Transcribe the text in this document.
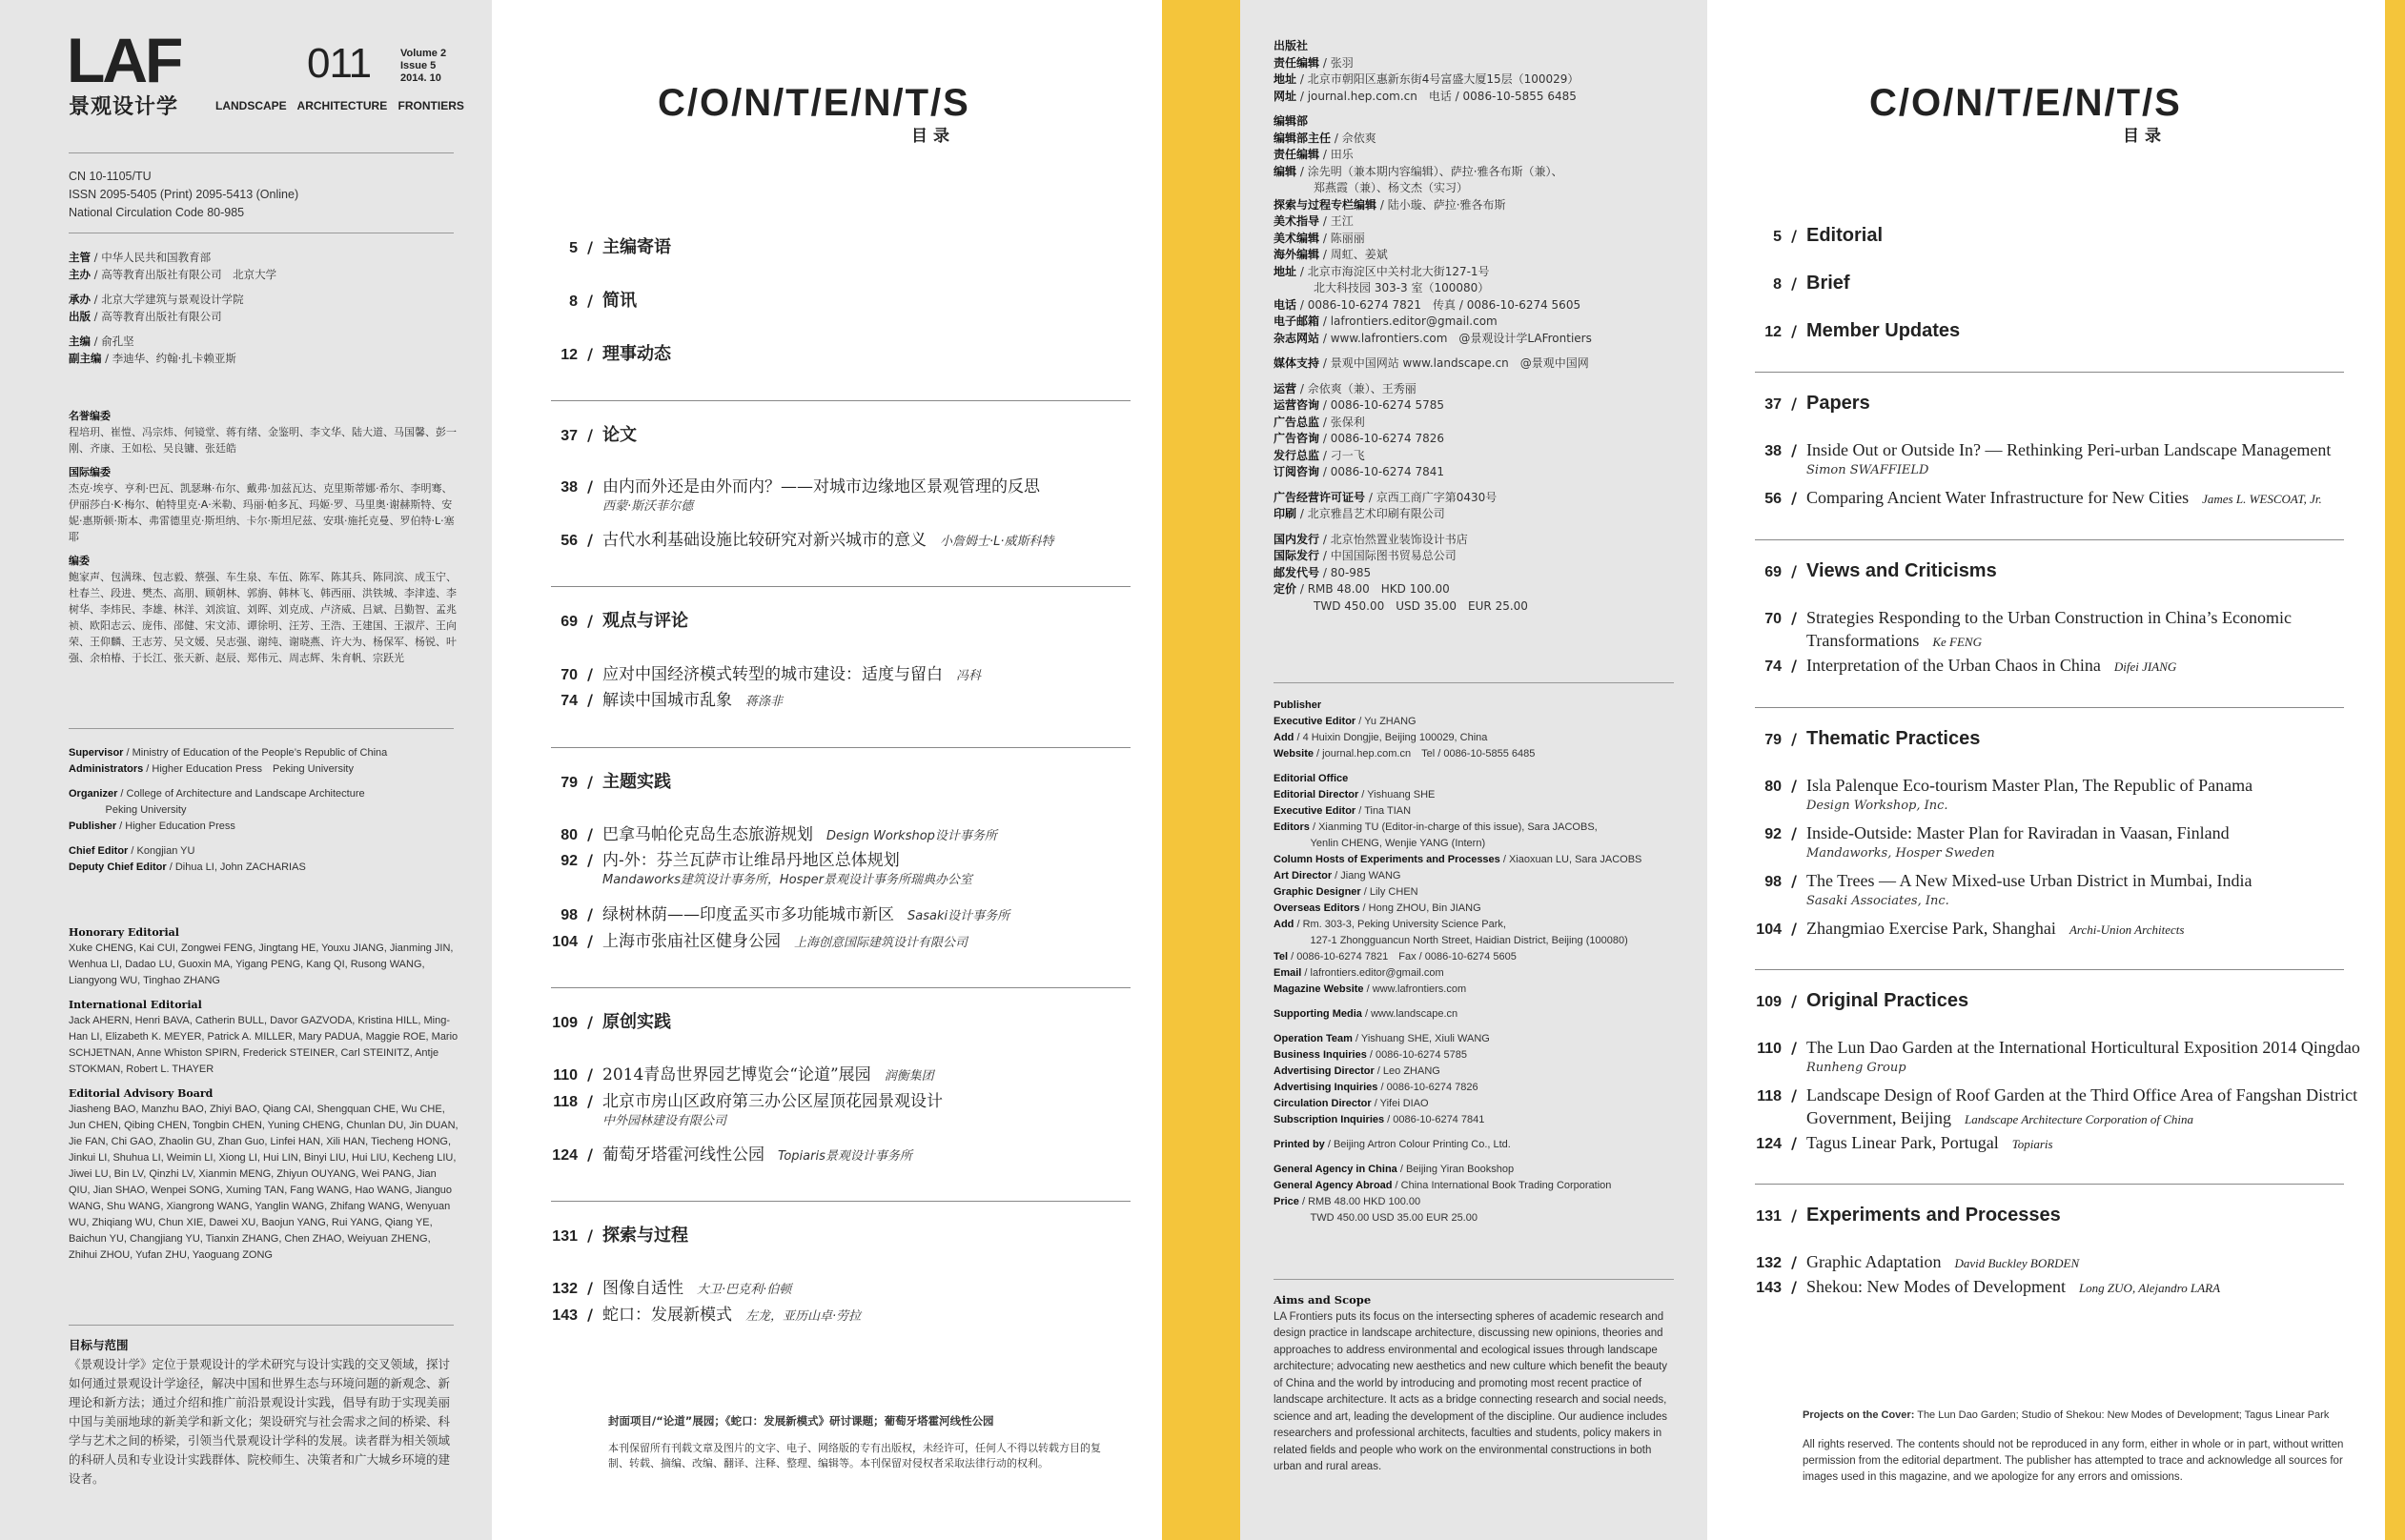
LAF
景观设计学
011	Volume 2
Issue 5
2014. 10
LANDSCAPE ARCHITECTURE FRONTIERS
CN 10-1105/TU
ISSN 2095-5405 (Print) 2095-5413 (Online)
National Circulation Code 80-985
主管 / 中华人民共和国教育部
主办 / 高等教育出版社有限公司　北京大学
承办 / 北京大学建筑与景观设计学院
出版 / 高等教育出版社有限公司
主编 / 俞孔坚
副主编 / 李迪华、约翰·扎卡赖亚斯
名誉编委
程培玥、崔愷、冯宗炜、何镜堂、蒋有绪、金鉴明、李文华、陆大道、马国馨、彭一刚、齐康、王如松、吴良镛、张廷皓
国际编委
杰克·埃亨、亨利·巴瓦、凯瑟琳·布尔、戴弗·加兹瓦达、克里斯蒂娜·希尔、李明骞、伊丽莎白·K·梅尔、帕特里克·A·米勒、玛丽·帕多瓦、玛姬·罗、马里奥·谢赫斯特、安妮·惠斯顿·斯本、弗雷德里克·斯坦纳、卡尔·斯坦尼兹、安琪·施托克曼、罗伯特·L·塞耶
编委
鲍家声、包满珠、包志毅、蔡强、车生泉、车伍、陈军、陈其兵、陈同滨、成玉宁、杜春兰、段进、樊杰、高朋、顾朝林、郭旃、韩林飞、韩西丽、洪铁城、李津逵、李树华、李炜民、李雄、林洋、刘滨谊、刘晖、刘克成、卢济威、吕斌、吕勤智、孟兆祯、欧阳志云、庞伟、邵健、宋文沛、谭徐明、汪芳、王浩、王建国、王淑芹、王向荣、王仰麟、王志芳、吴文媛、吴志强、谢纯、谢晓燕、许大为、杨保军、杨锐、叶强、余柏椿、于长江、张天新、赵辰、郑伟元、周志辉、朱育帆、宗跃光
Supervisor / Ministry of Education of the People’s Republic of China
Administrators / Higher Education Press　Peking University
Organizer / College of Architecture and Landscape Architecture
Peking University
Publisher / Higher Education Press
Chief Editor / Kongjian YU
Deputy Chief Editor / Dihua LI, John ZACHARIAS
Honorary Editorial
Xuke CHENG, Kai CUI, Zongwei FENG, Jingtang HE, Youxu JIANG, Jianming JIN, Wenhua LI, Dadao LU, Guoxin MA, Yigang PENG, Kang QI, Rusong WANG, Liangyong WU, Tinghao ZHANG
International Editorial
Jack AHERN, Henri BAVA, Catherin BULL, Davor GAZVODA, Kristina HILL, Ming-Han LI, Elizabeth K. MEYER, Patrick A. MILLER, Mary PADUA, Maggie ROE, Mario SCHJETNAN, Anne Whiston SPIRN, Frederick STEINER, Carl STEINITZ, Antje STOKMAN, Robert L. THAYER
Editorial Advisory Board
Jiasheng BAO, Manzhu BAO, Zhiyi BAO, Qiang CAI, Shengquan CHE, Wu CHE, Jun CHEN, Qibing CHEN, Tongbin CHEN, Yuning CHENG, Chunlan DU, Jin DUAN, Jie FAN, Chi GAO, Zhaolin GU, Zhan Guo, Linfei HAN, Xili HAN, Tiecheng HONG, Jinkui LI, Shuhua LI, Weimin LI, Xiong LI, Hui LIN, Binyi LIU, Hui LIU, Kecheng LIU, Jiwei LU, Bin LV, Qinzhi LV, Xianmin MENG, Zhiyun OUYANG, Wei PANG, Jian QIU, Jian SHAO, Wenpei SONG, Xuming TAN, Fang WANG, Hao WANG, Jianguo WANG, Shu WANG, Xiangrong WANG, Yanglin WANG, Zhifang WANG, Wenyuan WU, Zhiqiang WU, Chun XIE, Dawei XU, Baojun YANG, Rui YANG, Qiang YE, Baichun YU, Changjiang YU, Tianxin ZHANG, Chen ZHAO, Weiyuan ZHENG, Zhihui ZHOU, Yufan ZHU, Yaoguang ZONG
目标与范围
《景观设计学》定位于景观设计的学术研究与设计实践的交叉领域，探讨如何通过景观设计学途径，解决中国和世界生态与环境问题的新观念、新理论和新方法；通过介绍和推广前沿景观设计实践，倡导有助于实现美丽中国与美丽地球的新美学和新文化；架设研究与社会需求之间的桥梁、科学与艺术之间的桥梁，引领当代景观设计学科的发展。读者群为相关领域的科研人员和专业设计实践群体、院校师生、决策者和广大城乡环境的建设者。
C/O/N/T/E/N/T/S
目录
5 / 主编寄语
8 / 简讯
12 / 理事动态
37 / 论文
38 / 由内而外还是由外而内？——对城市边缘地区景观管理的反思
西蒙·斯沃菲尔德
56 / 古代水利基础设施比较研究对新兴城市的意义 小詹姆士·L·威斯科特
69 / 观点与评论
70 / 应对中国经济模式转型的城市建设：适度与留白 冯科
74 / 解读中国城市乱象 蒋涤非
79 / 主题实践
80 / 巴拿马帕伦克岛生态旅游规划 Design Workshop设计事务所
92 / 内-外：芬兰瓦萨市让维昂丹地区总体规划
Mandaworks建筑设计事务所，Hosper景观设计事务所瑞典办公室
98 / 绿树林荫——印度孟买市多功能城市新区 Sasaki设计事务所
104 / 上海市张庙社区健身公园 上海创意国际建筑设计有限公司
109 / 原创实践
110 / 2014青岛世界园艺博览会“论道”展园 润衡集团
118 / 北京市房山区政府第三办公区屋顶花园景观设计
中外园林建设有限公司
124 / 葡萄牙塔霍河线性公园 Topiaris景观设计事务所
131 / 探索与过程
132 / 图像自适性 大卫·巴克利·伯顿
143 / 蛇口：发展新模式 左龙，亚历山卓·劳拉
封面项目/“论道”展园；《蛇口：发展新模式》研讨课题；葡萄牙塔霍河线性公园
本刊保留所有刊载文章及图片的文字、电子、网络版的专有出版权，未经许可，任何人不得以转载方目的复制、转载、摘编、改编、翻译、注释、整理、编辑等。本刊保留对侵权者采取法律行动的权利。
出版社
责任编辑 / 张羽
地址 / 北京市朝阳区惠新东街4号富盛大厦15层（100029）
网址 / journal.hep.com.cn　电话 / 0086-10-5855 6485
编辑部
编辑部主任 / 佘依爽
责任编辑 / 田乐
编辑 / 涂先明（兼本期内容编辑）、萨拉·雅各布斯（兼）、
郑燕霞（兼）、杨文杰（实习）
探索与过程专栏编辑 / 陆小璇、萨拉·雅各布斯
美术指导 / 王江
美术编辑 / 陈丽丽
海外编辑 / 周虹、姜斌
地址 / 北京市海淀区中关村北大街127-1号
北大科技园 303-3 室（100080）
电话 / 0086-10-6274 7821　传真 / 0086-10-6274 5605
电子邮箱 / lafrontiers.editor@gmail.com
杂志网站 / www.lafrontiers.com　@景观设计学LAFrontiers
媒体支持 / 景观中国网站 www.landscape.cn　@景观中国网
运营 / 佘依爽（兼）、王秀丽
运营咨询 / 0086-10-6274 5785
广告总监 / 张保利
广告咨询 / 0086-10-6274 7826
发行总监 / 刁一飞
订阅咨询 / 0086-10-6274 7841
广告经营许可证号 / 京西工商广字第0430号
印刷 / 北京雅昌艺术印刷有限公司
国内发行 / 北京怡然置业装饰设计书店
国际发行 / 中国国际图书贸易总公司
邮发代号 / 80-985
定价 / RMB 48.00　HKD 100.00
TWD 450.00　USD 35.00　EUR 25.00
Publisher
Executive Editor / Yu ZHANG
Add / 4 Huixin Dongjie, Beijing 100029, China
Website / journal.hep.com.cn　Tel / 0086-10-5855 6485
Editorial Office
Editorial Director / Yishuang SHE
Executive Editor / Tina TIAN
Editors / Xianming TU (Editor-in-charge of this issue), Sara JACOBS,
Yenlin CHENG, Wenjie YANG (Intern)
Column Hosts of Experiments and Processes / Xiaoxuan LU, Sara JACOBS
Art Director / Jiang WANG
Graphic Designer / Lily CHEN
Overseas Editors / Hong ZHOU, Bin JIANG
Add / Rm. 303-3, Peking University Science Park,
127-1 Zhongguancun North Street, Haidian District, Beijing (100080)
Tel / 0086-10-6274 7821　Fax / 0086-10-6274 5605
Email / lafrontiers.editor@gmail.com
Magazine Website / www.lafrontiers.com
Supporting Media / www.landscape.cn
Operation Team / Yishuang SHE, Xiuli WANG
Business Inquiries / 0086-10-6274 5785
Advertising Director / Leo ZHANG
Advertising Inquiries / 0086-10-6274 7826
Circulation Director / Yifei DIAO
Subscription Inquiries / 0086-10-6274 7841
Printed by / Beijing Artron Colour Printing Co., Ltd.
General Agency in China / Beijing Yiran Bookshop
General Agency Abroad / China International Book Trading Corporation
Price / RMB 48.00 HKD 100.00
TWD 450.00 USD 35.00 EUR 25.00
Aims and Scope
LA Frontiers puts its focus on the intersecting spheres of academic research and design practice in landscape architecture, discussing new opinions, theories and approaches to address environmental and ecological issues through landscape architecture; advocating new aesthetics and new culture which benefit the beauty of China and the world by introducing and promoting most recent practice of landscape architecture. It acts as a bridge connecting research and social needs, science and art, leading the development of the discipline. Our audience includes researchers and professional architects, faculties and students, policy makers in related fields and people who work on the environmental constructions in both urban and rural areas.
C/O/N/T/E/N/T/S
目录
5 / Editorial
8 / Brief
12 / Member Updates
37 / Papers
38 / Inside Out or Outside In? — Rethinking Peri-urban Landscape Management
Simon SWAFFIELD
56 / Comparing Ancient Water Infrastructure for New Cities James L. WESCOAT, Jr.
69 / Views and Criticisms
70 / Strategies Responding to the Urban Construction in China’s Economic
Transformations Ke FENG
74 / Interpretation of the Urban Chaos in China Difei JIANG
79 / Thematic Practices
80 / Isla Palenque Eco-tourism Master Plan, The Republic of Panama
Design Workshop, Inc.
92 / Inside-Outside: Master Plan for Raviradan in Vaasan, Finland
Mandaworks, Hosper Sweden
98 / The Trees — A New Mixed-use Urban District in Mumbai, India
Sasaki Associates, Inc.
104 / Zhangmiao Exercise Park, Shanghai Archi-Union Architects
109 / Original Practices
110 / The Lun Dao Garden at the International Horticultural Exposition 2014 Qingdao
Runheng Group
118 / Landscape Design of Roof Garden at the Third Office Area of Fangshan District
Government, Beijing Landscape Architecture Corporation of China
124 / Tagus Linear Park, Portugal Topiaris
131 / Experiments and Processes
132 / Graphic Adaptation David Buckley BORDEN
143 / Shekou: New Modes of Development Long ZUO, Alejandro LARA
Projects on the Cover: The Lun Dao Garden; Studio of Shekou: New Modes of Development; Tagus Linear Park
All rights reserved. The contents should not be reproduced in any form, either in whole or in part, without written permission from the editorial department. The publisher has attempted to trace and acknowledge all sources for images used in this magazine, and we apologize for any errors and omissions.
